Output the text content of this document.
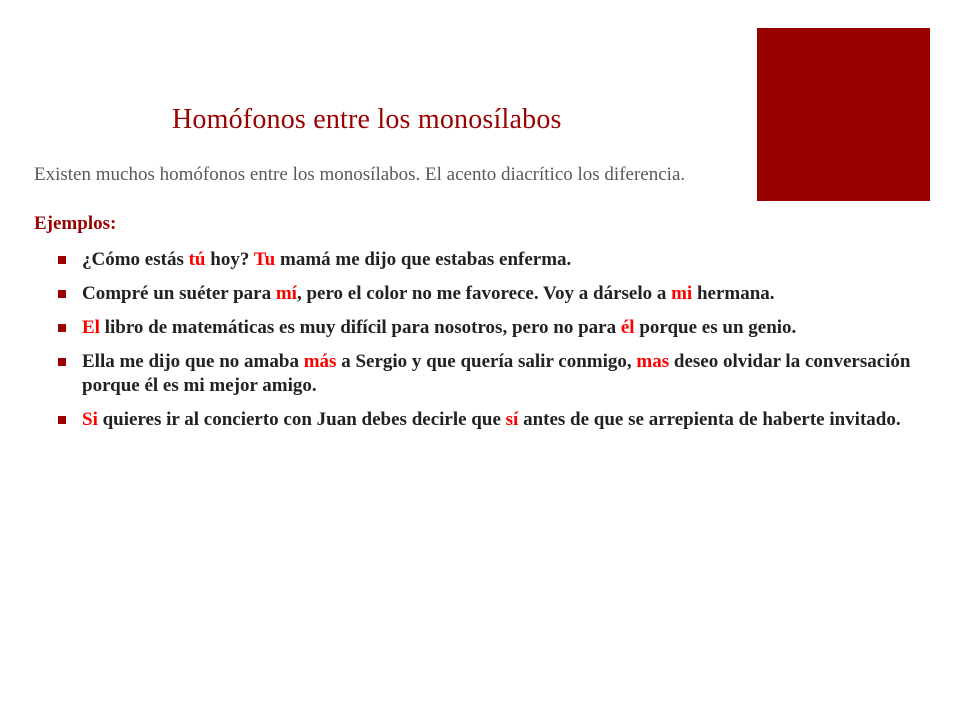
Homófonos entre los monosílabos
Existen muchos homófonos entre los monosílabos. El acento diacrítico los diferencia.
Ejemplos:
¿Cómo estás tú hoy? Tu mamá me dijo que estabas enferma.
Compré un suéter para mí, pero el color no me favorece. Voy a dárselo a mi hermana.
El libro de matemáticas es muy difícil para nosotros, pero no para él porque es un genio.
Ella me dijo que no amaba más a Sergio y que quería salir conmigo, mas deseo olvidar la conversación porque él es mi mejor amigo.
Si quieres ir al concierto con Juan debes decirle que sí antes de que se arrepienta de haberte invitado.
